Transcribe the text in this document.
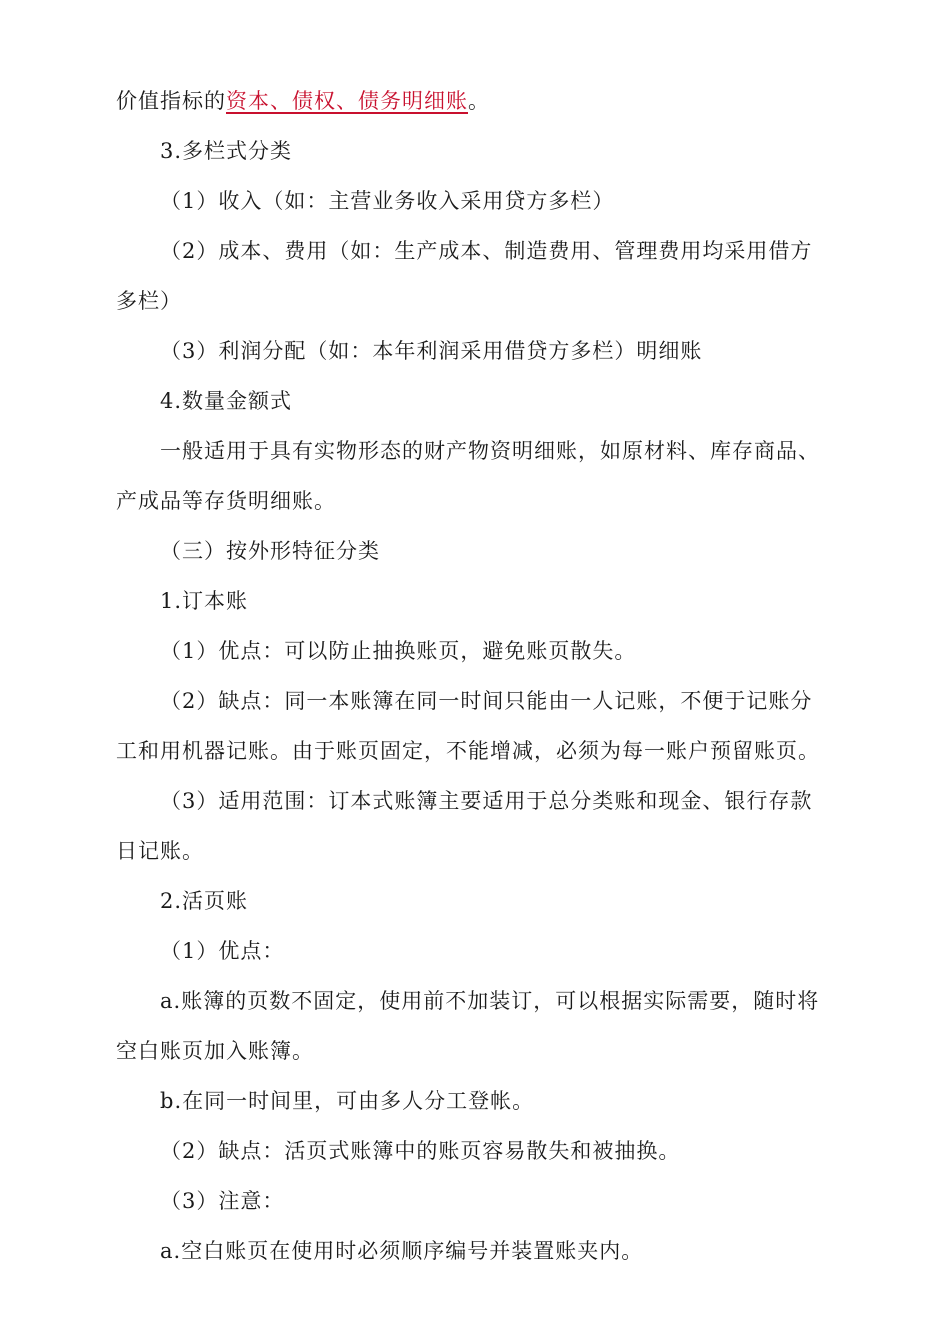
价值指标的资本、债权、债务明细账。
3.多栏式分类
（1）收入（如：主营业务收入采用贷方多栏）
（2）成本、费用（如：生产成本、制造费用、管理费用均采用借方
多栏）
（3）利润分配（如：本年利润采用借贷方多栏）明细账
4.数量金额式
一般适用于具有实物形态的财产物资明细账，如原材料、库存商品、
产成品等存货明细账。
（三）按外形特征分类
1.订本账
（1）优点：可以防止抽换账页，避免账页散失。
（2）缺点：同一本账簿在同一时间只能由一人记账，不便于记账分
工和用机器记账。由于账页固定，不能增减，必须为每一账户预留账页。
（3）适用范围：订本式账簿主要适用于总分类账和现金、银行存款
日记账。
2.活页账
（1）优点：
a.账簿的页数不固定，使用前不加装订，可以根据实际需要，随时将
空白账页加入账簿。
b.在同一时间里，可由多人分工登帐。
（2）缺点：活页式账簿中的账页容易散失和被抽换。
（3）注意：
a.空白账页在使用时必须顺序编号并装置账夹内。
